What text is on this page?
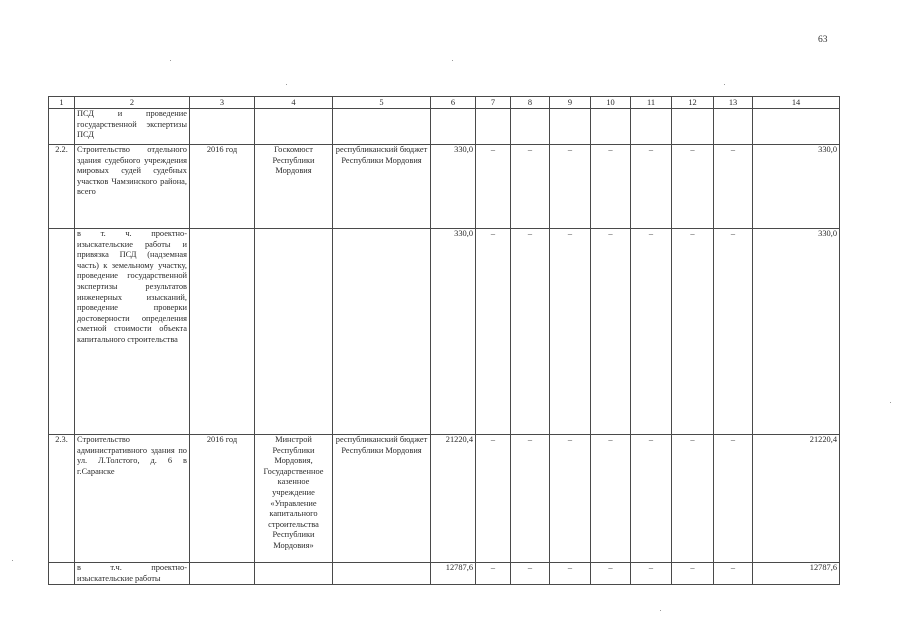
63
1	2	3	4	5	6	7	8	9	10	11	12	13	14
	ПСД и проведение государственной экспертизы ПСД												
2.2.	Строительство отдельного здания судебного учреждения мировых судей судебных участков Чамзинского района, всего	2016 год	Госкомюст Республики Мордовия	республиканский бюджет Республики Мордовия	330,0	–	–	–	–	–	–	–	330,0
	в т. ч. проектно-изыскательские работы и привязка ПСД (надземная часть) к земельному участку, проведение государственной экспертизы результатов инженерных изысканий, проведение проверки достоверности определения сметной стоимости объекта капитального строительства				330,0	–	–	–	–	–	–	–	330,0
2.3.	Строительство административного здания по ул. Л.Толстого, д. 6 в г.Саранске	2016 год	Минстрой Республики Мордовия, Государственное казенное учреждение «Управление капитального строительства Республики Мордовия»	республиканский бюджет Республики Мордовия	21220,4	–	–	–	–	–	–	–	21220,4
	в т.ч. проектно-изыскательские работы				12787,6	–	–	–	–	–	–	–	12787,6
